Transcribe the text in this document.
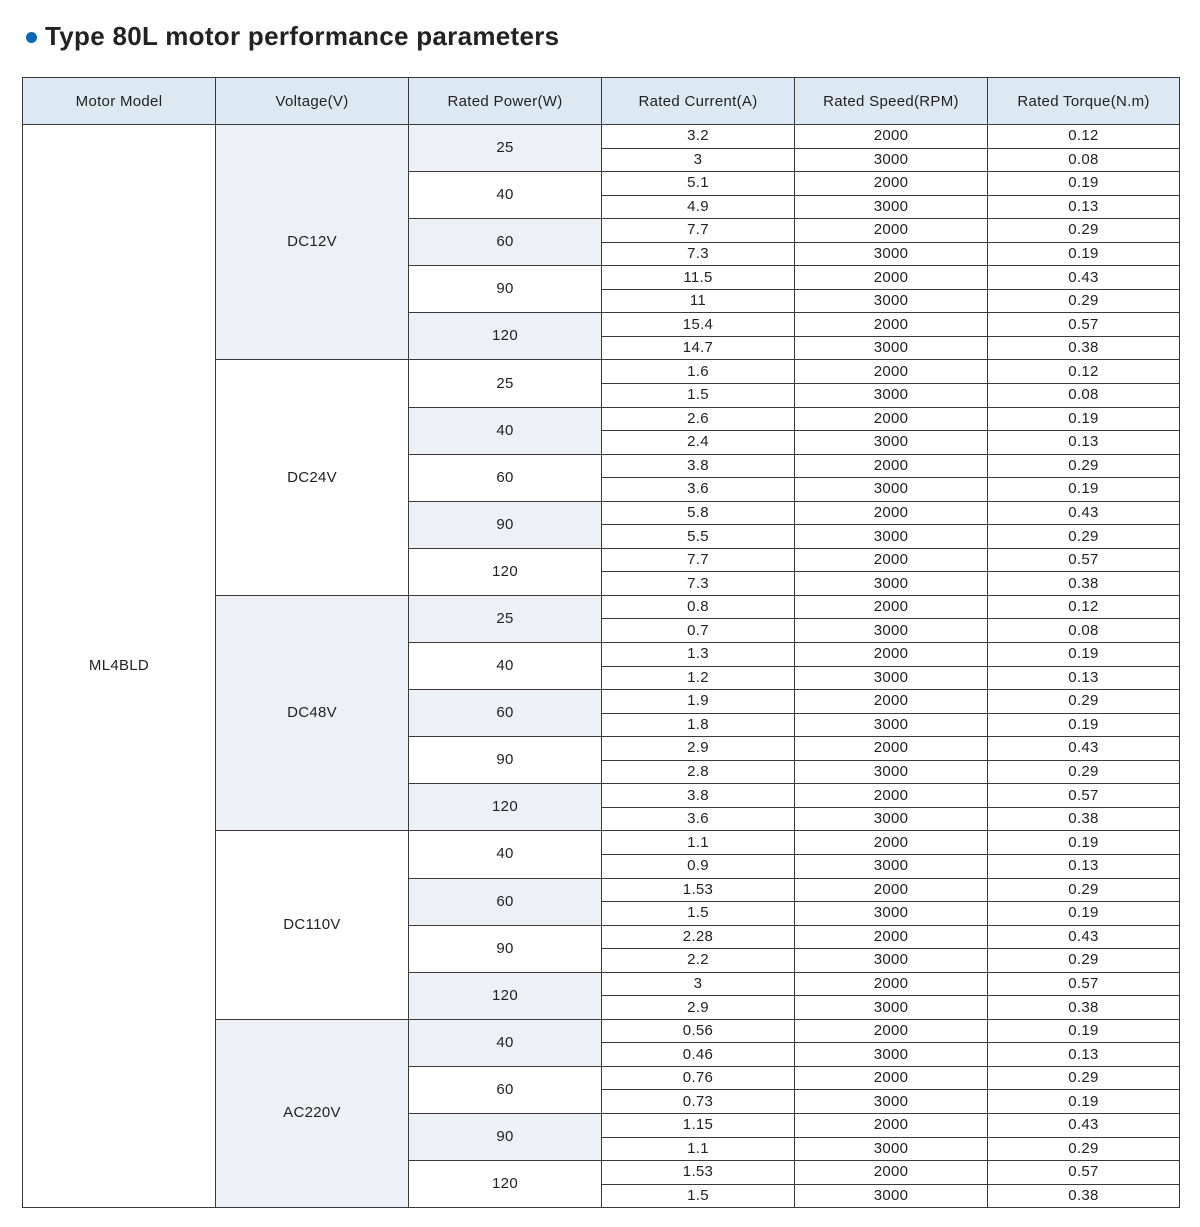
Type 80L motor performance parameters
Motor Model	Voltage(V)	Rated Power(W)	Rated Current(A)	Rated Speed(RPM)	Rated Torque(N.m)
ML4BLD	DC12V	25	3.2	2000	0.12
			3	3000	0.08
		40	5.1	2000	0.19
			4.9	3000	0.13
		60	7.7	2000	0.29
			7.3	3000	0.19
		90	11.5	2000	0.43
			11	3000	0.29
		120	15.4	2000	0.57
			14.7	3000	0.38
	DC24V	25	1.6	2000	0.12
			1.5	3000	0.08
		40	2.6	2000	0.19
			2.4	3000	0.13
		60	3.8	2000	0.29
			3.6	3000	0.19
		90	5.8	2000	0.43
			5.5	3000	0.29
		120	7.7	2000	0.57
			7.3	3000	0.38
	DC48V	25	0.8	2000	0.12
			0.7	3000	0.08
		40	1.3	2000	0.19
			1.2	3000	0.13
		60	1.9	2000	0.29
			1.8	3000	0.19
		90	2.9	2000	0.43
			2.8	3000	0.29
		120	3.8	2000	0.57
			3.6	3000	0.38
	DC110V	40	1.1	2000	0.19
			0.9	3000	0.13
		60	1.53	2000	0.29
			1.5	3000	0.19
		90	2.28	2000	0.43
			2.2	3000	0.29
		120	3	2000	0.57
			2.9	3000	0.38
	AC220V	40	0.56	2000	0.19
			0.46	3000	0.13
		60	0.76	2000	0.29
			0.73	3000	0.19
		90	1.15	2000	0.43
			1.1	3000	0.29
		120	1.53	2000	0.57
			1.5	3000	0.38
